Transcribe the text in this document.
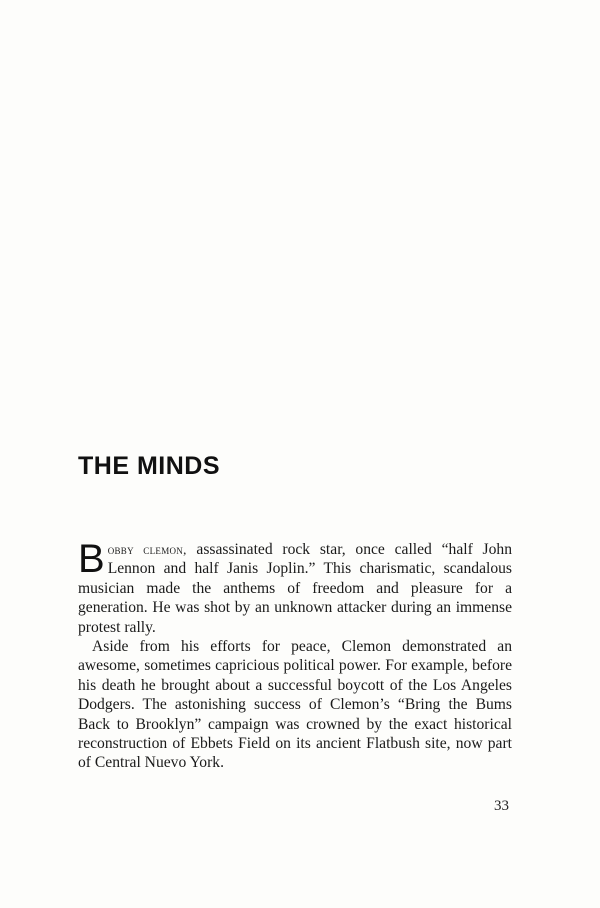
THE MINDS

Bobby clemon, assassinated rock star, once called “half John Lennon and half Janis Joplin.” This charismatic, scandalous musician made the anthems of freedom and pleasure for a generation. He was shot by an unknown attacker during an immense protest rally.

Aside from his efforts for peace, Clemon demonstrated an awesome, sometimes capricious political power. For example, before his death he brought about a successful boycott of the Los Angeles Dodgers. The astonishing success of Clemon’s “Bring the Bums Back to Brooklyn” campaign was crowned by the exact historical reconstruction of Ebbets Field on its ancient Flatbush site, now part of Central Nuevo York.

33
